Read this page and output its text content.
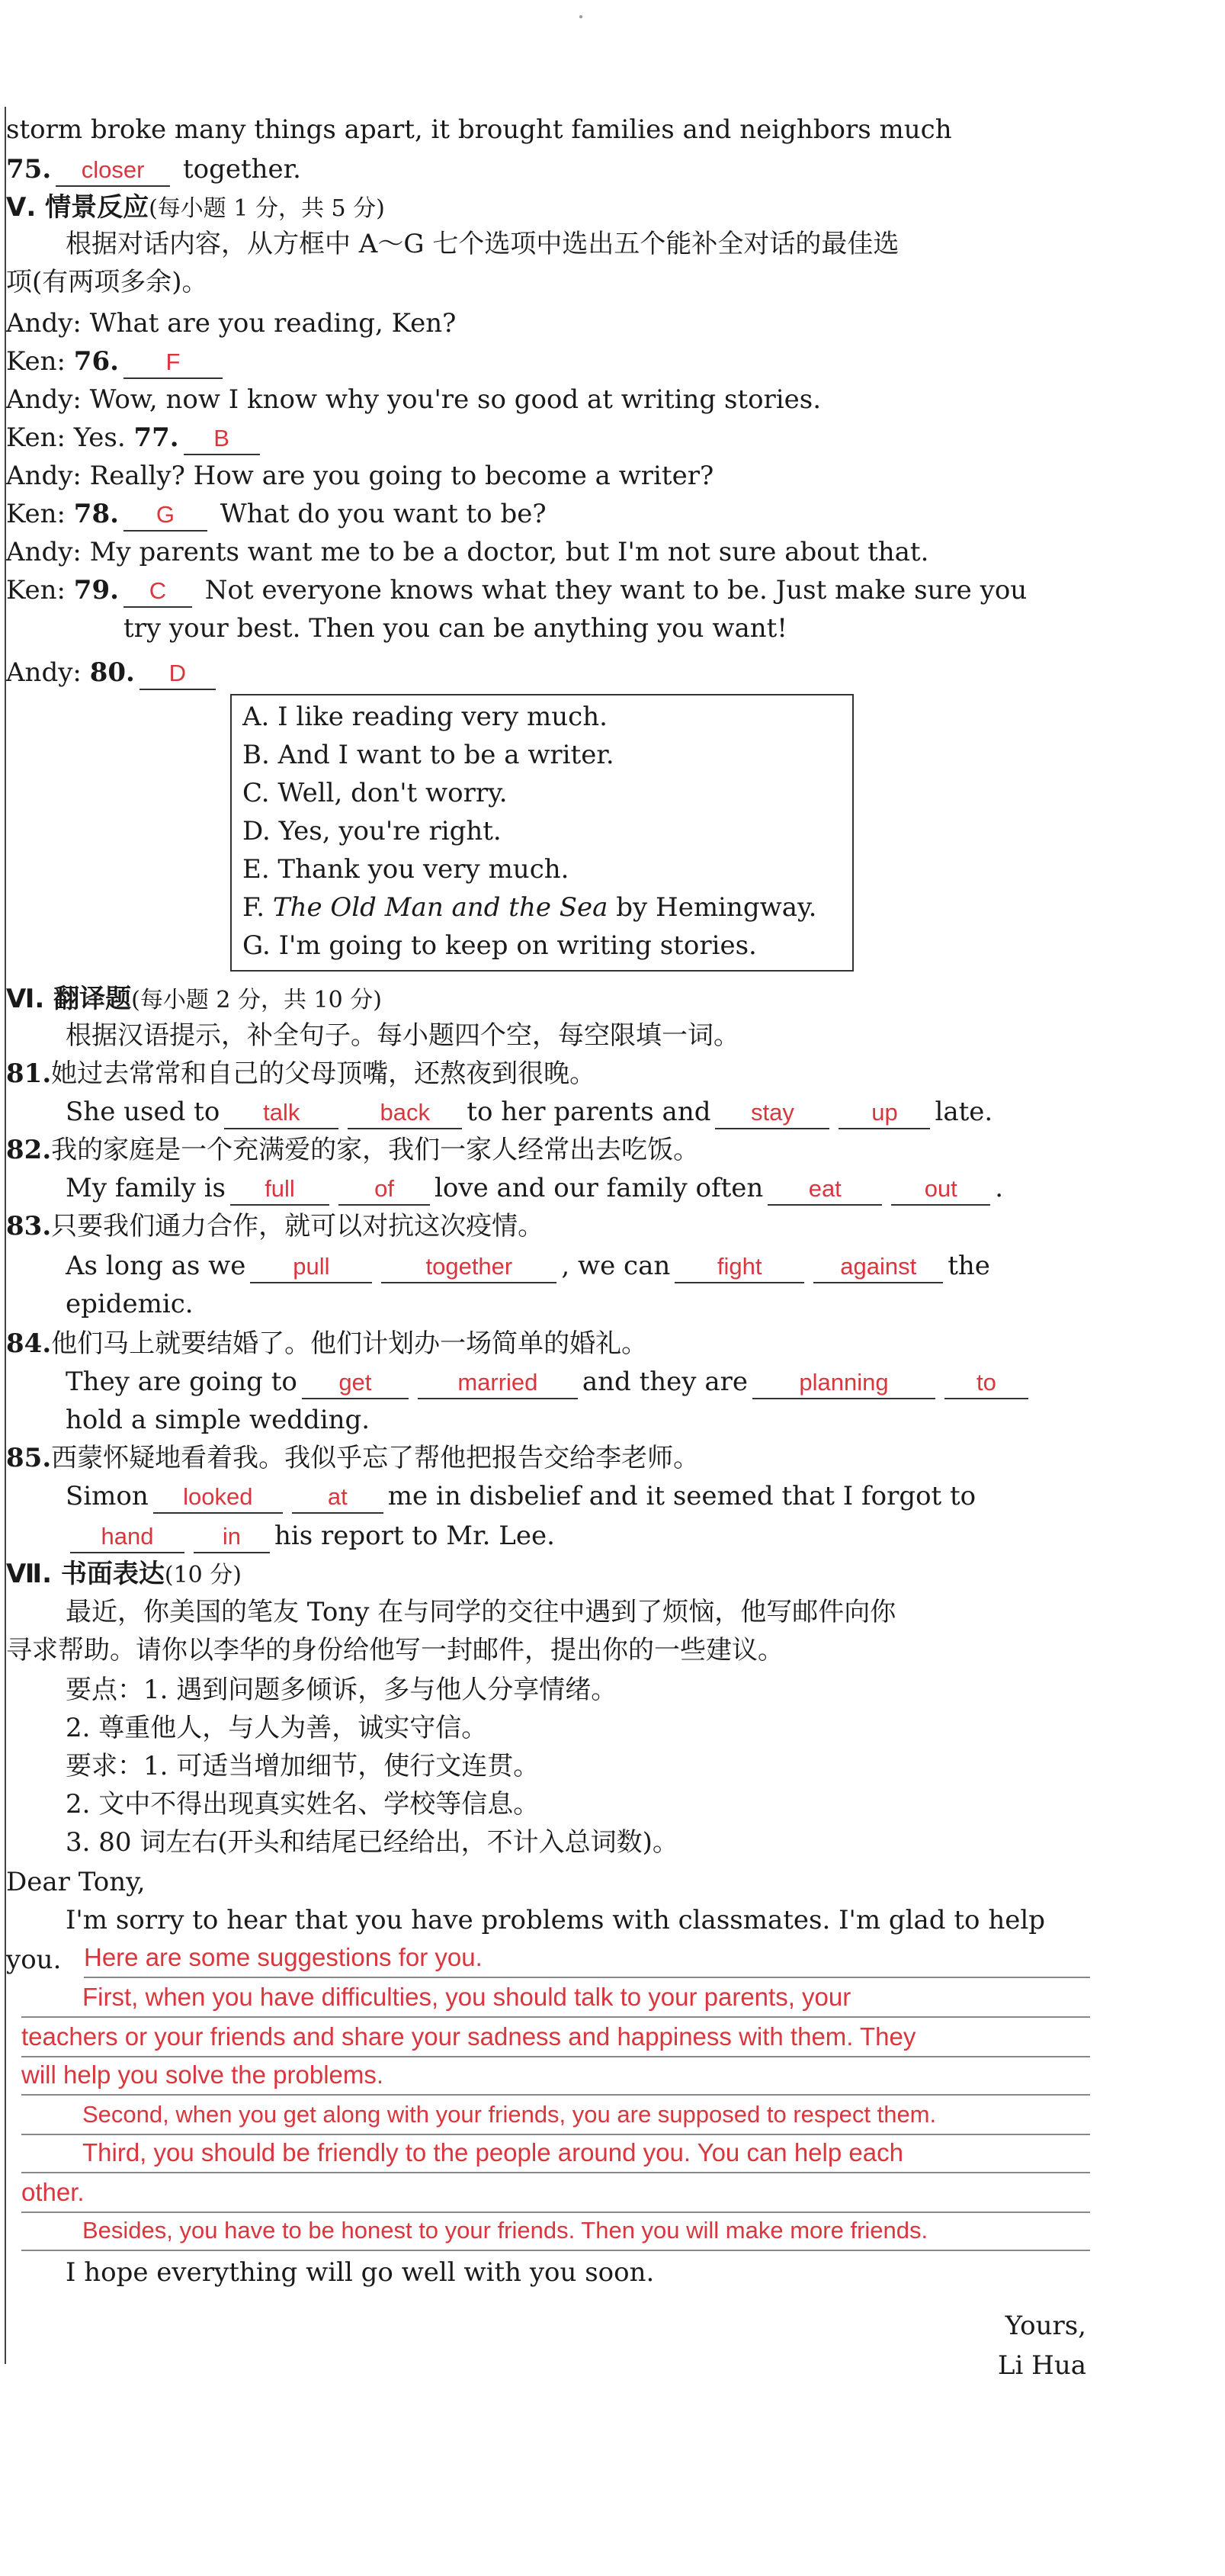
storm broke many things apart, it brought families and neighbors much
75. closer together.
Ⅴ. 情景反应(每小题 1 分，共 5 分)
根据对话内容，从方框中 A～G 七个选项中选出五个能补全对话的最佳选
项(有两项多余)。
Andy: What are you reading, Ken?
Ken: 76. F
Andy: Wow, now I know why you're so good at writing stories.
Ken: Yes. 77. B
Andy: Really? How are you going to become a writer?
Ken: 78. G What do you want to be?
Andy: My parents want me to be a doctor, but I'm not sure about that.
Ken: 79. C Not everyone knows what they want to be. Just make sure you
try your best. Then you can be anything you want!
Andy: 80. D
A. I like reading very much.
B. And I want to be a writer.
C. Well, don't worry.
D. Yes, you're right.
E. Thank you very much.
F. The Old Man and the Sea by Hemingway.
G. I'm going to keep on writing stories.
Ⅵ. 翻译题(每小题 2 分，共 10 分)
根据汉语提示，补全句子。每小题四个空，每空限填一词。
81.她过去常常和自己的父母顶嘴，还熬夜到很晚。
She used to talk	back to her parents and stay	up late.
82.我的家庭是一个充满爱的家，我们一家人经常出去吃饭。
My family is full	of love and our family often eat	out .
83.只要我们通力合作，就可以对抗这次疫情。
As long as we pull	together , we can fight	against the
epidemic.
84.他们马上就要结婚了。他们计划办一场简单的婚礼。
They are going to get	married and they are planning	to
hold a simple wedding.
85.西蒙怀疑地看着我。我似乎忘了帮他把报告交给李老师。
Simon looked	at me in disbelief and it seemed that I forgot to
hand	in his report to Mr. Lee.
Ⅶ. 书面表达(10 分)
最近，你美国的笔友 Tony 在与同学的交往中遇到了烦恼，他写邮件向你
寻求帮助。请你以李华的身份给他写一封邮件，提出你的一些建议。
要点：1. 遇到问题多倾诉，多与他人分享情绪。
2. 尊重他人，与人为善，诚实守信。
要求：1. 可适当增加细节，使行文连贯。
2. 文中不得出现真实姓名、学校等信息。
3. 80 词左右(开头和结尾已经给出，不计入总词数)。
Dear Tony,
I'm sorry to hear that you have problems with classmates. I'm glad to help
you. Here are some suggestions for you.
First, when you have difficulties, you should talk to your parents, your
teachers or your friends and share your sadness and happiness with them. They
will help you solve the problems.
Second, when you get along with your friends, you are supposed to respect them.
Third, you should be friendly to the people around you. You can help each
other.
Besides, you have to be honest to your friends. Then you will make more friends.
I hope everything will go well with you soon.
Yours,
Li Hua
